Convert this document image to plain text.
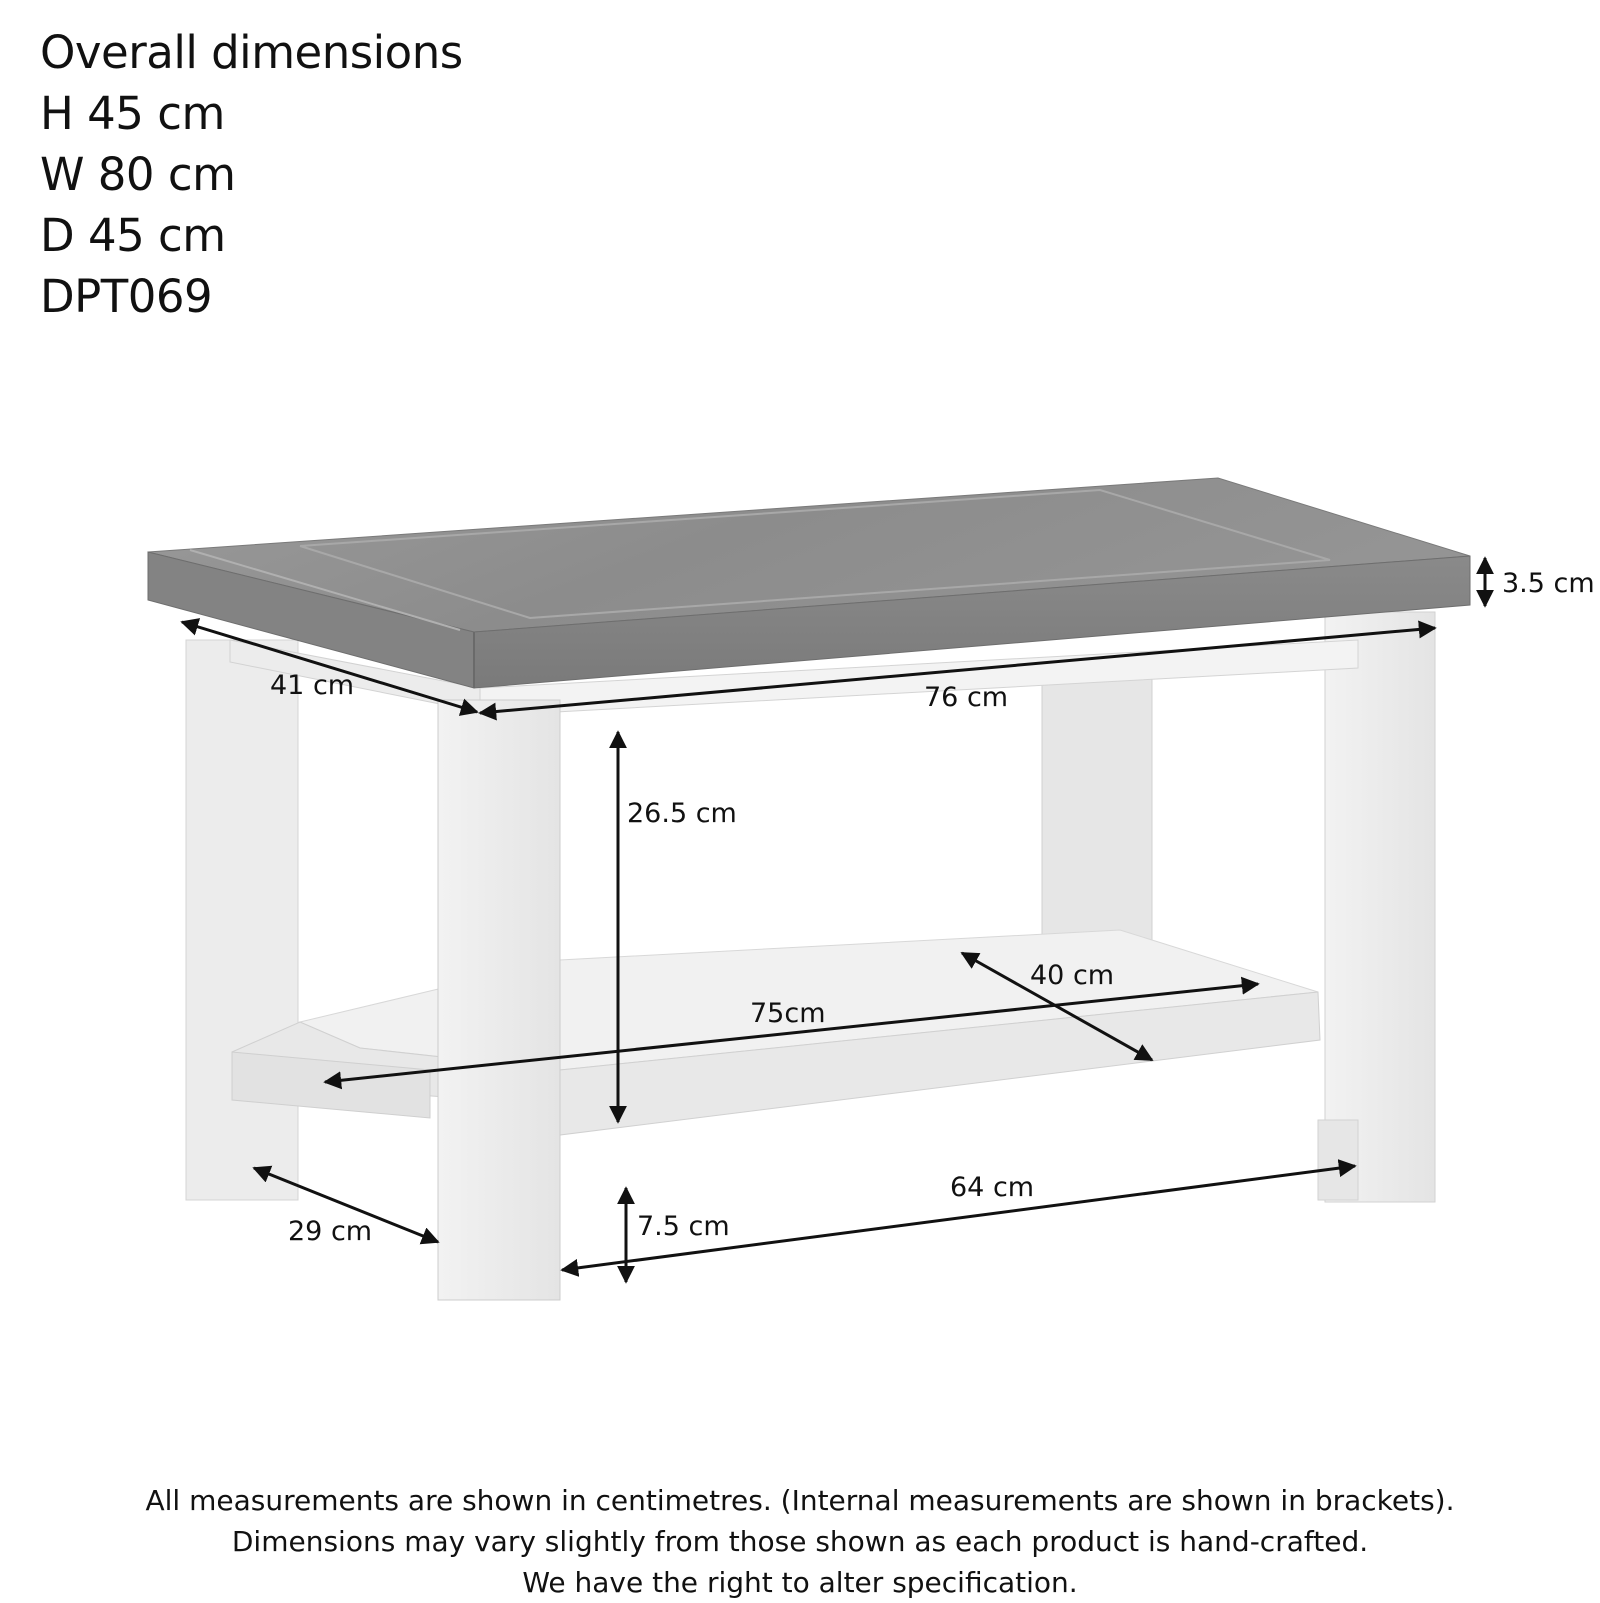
Overall dimensions
H 45 cm
W 80 cm
D 45 cm
DPT069
3.5 cm
41 cm	76 cm
26.5 cm
40 cm
75cm
29 cm
64 cm
7.5 cm
All measurements are shown in centimetres. (Internal measurements are shown in brackets).
Dimensions may vary slightly from those shown as each product is hand-crafted.
We have the right to alter specification.
